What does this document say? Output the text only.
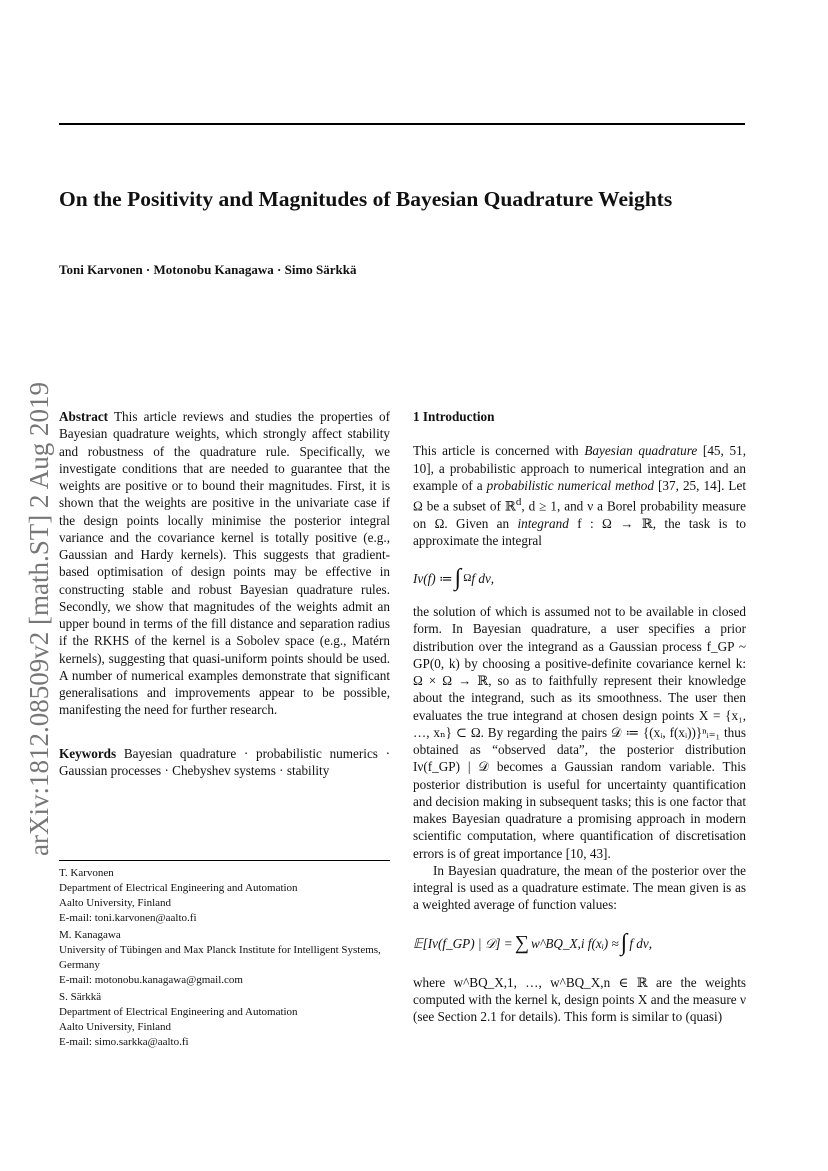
On the Positivity and Magnitudes of Bayesian Quadrature Weights
Toni Karvonen · Motonobu Kanagawa · Simo Särkkä
arXiv:1812.08509v2 [math.ST] 2 Aug 2019 Abstract This article reviews and studies the properties of Bayesian quadrature weights, which strongly affect stability and robustness of the quadrature rule. Specifically, we investigate conditions that are needed to guarantee that the weights are positive or to bound their magnitudes. First, it is shown that the weights are positive in the univariate case if the design points locally minimise the posterior integral variance and the covariance kernel is totally positive (e.g., Gaussian and Hardy kernels). This suggests that gradient-based optimisation of design points may be effective in constructing stable and robust Bayesian quadrature rules. Secondly, we show that magnitudes of the weights admit an upper bound in terms of the fill distance and separation radius if the RKHS of the kernel is a Sobolev space (e.g., Matérn kernels), suggesting that quasi-uniform points should be used. A number of numerical examples demonstrate that significant generalisations and improvements appear to be possible, manifesting the need for further research.

Keywords Bayesian quadrature · probabilistic numerics · Gaussian processes · Chebyshev systems · stability

T. Karvonen

Department of Electrical Engineering and Automation

Aalto University, Finland

E-mail: toni.karvonen@aalto.fi

M. Kanagawa

University of Tübingen and Max Planck Institute for Intelligent Systems, Germany

E-mail: motonobu.kanagawa@gmail.com

S. Särkkä

Department of Electrical Engineering and Automation

Aalto University, Finland

E-mail: simo.sarkka@aalto.fi

1 Introduction

This article is concerned with Bayesian quadrature [45, 51, 10], a probabilistic approach to numerical integration and an example of a probabilistic numerical method [37, 25, 14]. Let Ω be a subset of ℝ$^d$, d ≥ 1, and ν a Borel probability measure on Ω. Given an integrand f : Ω → ℝ, the task is to approximate the integral

Iν(f) ≔ ∫ Ω f dν,

the solution of which is assumed not to be available in closed form. In Bayesian quadrature, a user specifies a prior distribution over the integrand as a Gaussian process f_GP ~ GP(0, k) by choosing a positive-definite covariance kernel k: Ω × Ω → ℝ, so as to faithfully represent their knowledge about the integrand, such as its smoothness. The user then evaluates the true integrand at chosen design points X = {x₁, …, xₙ} ⊂ Ω. By regarding the pairs 𝒟 ≔ {(xᵢ, f(xᵢ))}ⁿᵢ₌₁ thus obtained as “observed data”, the posterior distribution Iν(f_GP) | 𝒟 becomes a Gaussian random variable. This posterior distribution is useful for uncertainty quantification and decision making in subsequent tasks; this is one factor that makes Bayesian quadrature a promising approach in modern scientific computation, where quantification of discretisation errors is of great importance [10, 43].

In Bayesian quadrature, the mean of the posterior over the integral is used as a quadrature estimate. The mean given is as a weighted average of function values:

𝔼[Iν(f_GP) | 𝒟] = ∑ w^BQ_X,i f(xᵢ) ≈ ∫ f dν,

where w^BQ_X,1, …, w^BQ_X,n ∈ ℝ are the weights computed with the kernel k, design points X and the measure ν (see Section 2.1 for details). This form is similar to (quasi)
